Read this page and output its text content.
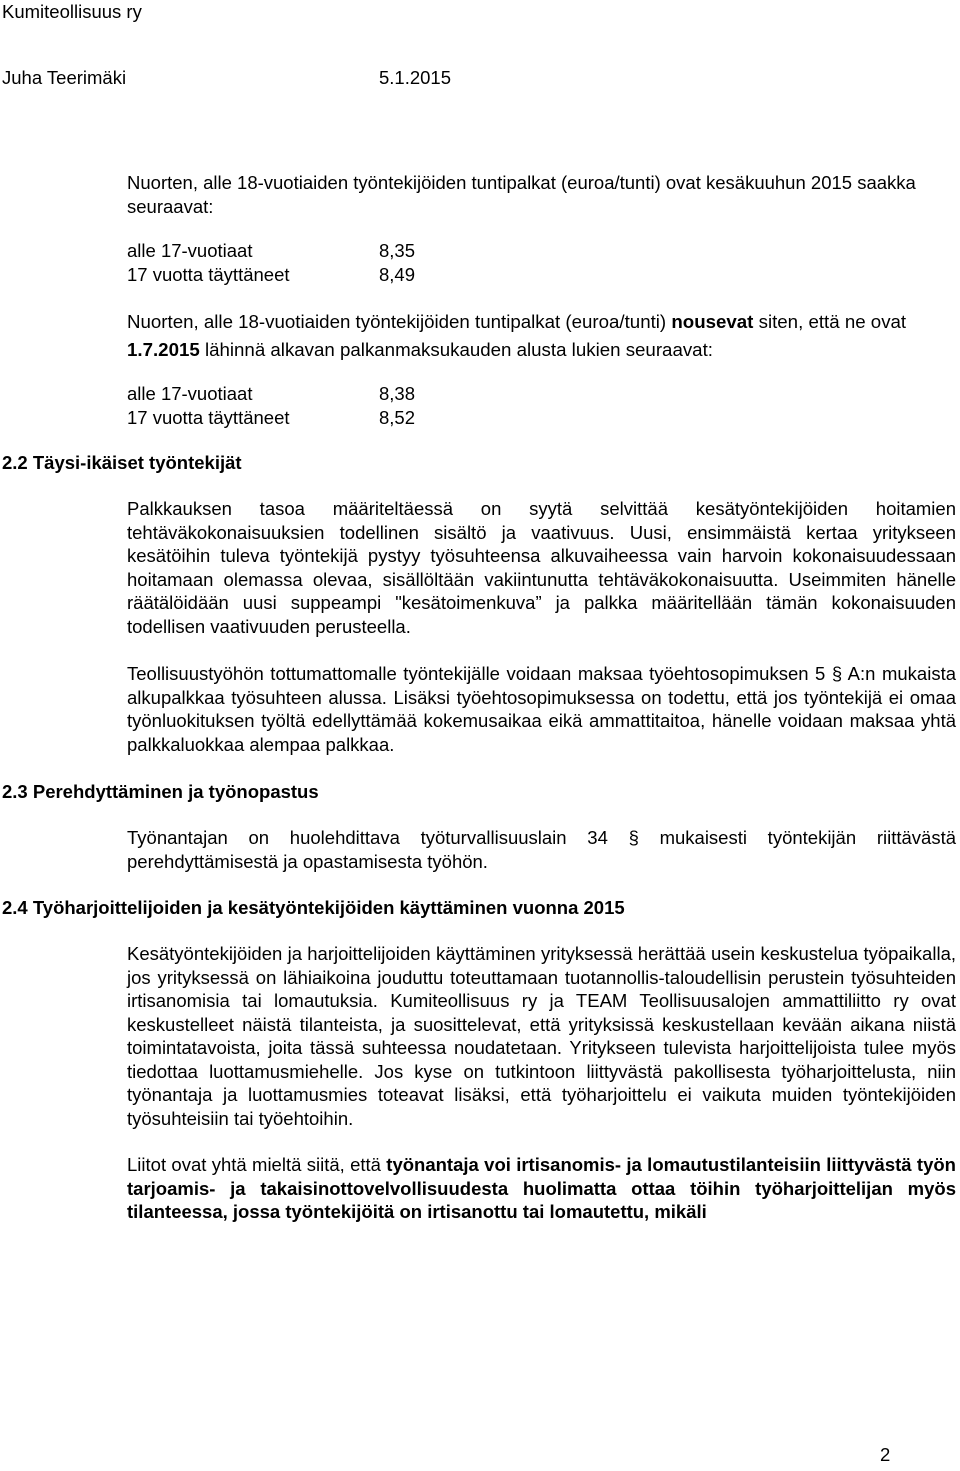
Kumiteollisuus ry
Juha Teerimäki	5.1.2015
Nuorten, alle 18-vuotiaiden työntekijöiden tuntipalkat (euroa/tunti) ovat kesäkuuhun 2015 saakka seuraavat:
alle 17-vuotiaat	8,35
17 vuotta täyttäneet	8,49
Nuorten, alle 18-vuotiaiden työntekijöiden tuntipalkat (euroa/tunti) nousevat siten, että ne ovat 1.7.2015 lähinnä alkavan palkanmaksukauden alusta lukien seuraavat:
alle 17-vuotiaat	8,38
17 vuotta täyttäneet	8,52
2.2 Täysi-ikäiset työntekijät
Palkkauksen tasoa määriteltäessä on syytä selvittää kesätyöntekijöiden hoitamien tehtäväkokonaisuuksien todellinen sisältö ja vaativuus. Uusi, ensimmäistä kertaa yritykseen kesätöihin tuleva työntekijä pystyy työsuhteensa alkuvaiheessa vain harvoin kokonaisuudessaan hoitamaan olemassa olevaa, sisällöltään vakiintunutta tehtäväkokonaisuutta. Useimmiten hänelle räätälöidään uusi suppeampi "kesätoimenkuva” ja palkka määritellään tämän kokonaisuuden todellisen vaativuuden perusteella.
Teollisuustyöhön tottumattomalle työntekijälle voidaan maksaa työehtosopimuksen 5 § A:n mukaista alkupalkkaa työsuhteen alussa. Lisäksi työehtosopimuksessa on todettu, että jos työntekijä ei omaa työnluokituksen työltä edellyttämää kokemusaikaa eikä ammattitaitoa, hänelle voidaan maksaa yhtä palkkaluokkaa alempaa palkkaa.
2.3 Perehdyttäminen ja työnopastus
Työnantajan on huolehdittava työturvallisuuslain 34 § mukaisesti työntekijän riittävästä perehdyttämisestä ja opastamisesta työhön.
2.4 Työharjoittelijoiden ja kesätyöntekijöiden käyttäminen vuonna 2015
Kesätyöntekijöiden ja harjoittelijoiden käyttäminen yrityksessä herättää usein keskustelua työpaikalla, jos yrityksessä on lähiaikoina jouduttu toteuttamaan tuotannollis-taloudellisin perustein työsuhteiden irtisanomisia tai lomautuksia. Kumiteollisuus ry ja TEAM Teollisuusalojen ammattiliitto ry ovat keskustelleet näistä tilanteista, ja suosittelevat, että yrityksissä keskustellaan kevään aikana niistä toimintatavoista, joita tässä suhteessa noudatetaan. Yritykseen tulevista harjoittelijoista tulee myös tiedottaa luottamusmiehelle. Jos kyse on tutkintoon liittyvästä pakollisesta työharjoittelusta, niin työnantaja ja luottamusmies toteavat lisäksi, että työharjoittelu ei vaikuta muiden työntekijöiden työsuhteisiin tai työehtoihin.
Liitot ovat yhtä mieltä siitä, että työnantaja voi irtisanomis- ja lomautustilanteisiin liittyvästä työn tarjoamis- ja takaisinottovelvollisuudesta huolimatta ottaa töihin työharjoittelijan myös tilanteessa, jossa työntekijöitä on irtisanottu tai lomautettu, mikäli
2
